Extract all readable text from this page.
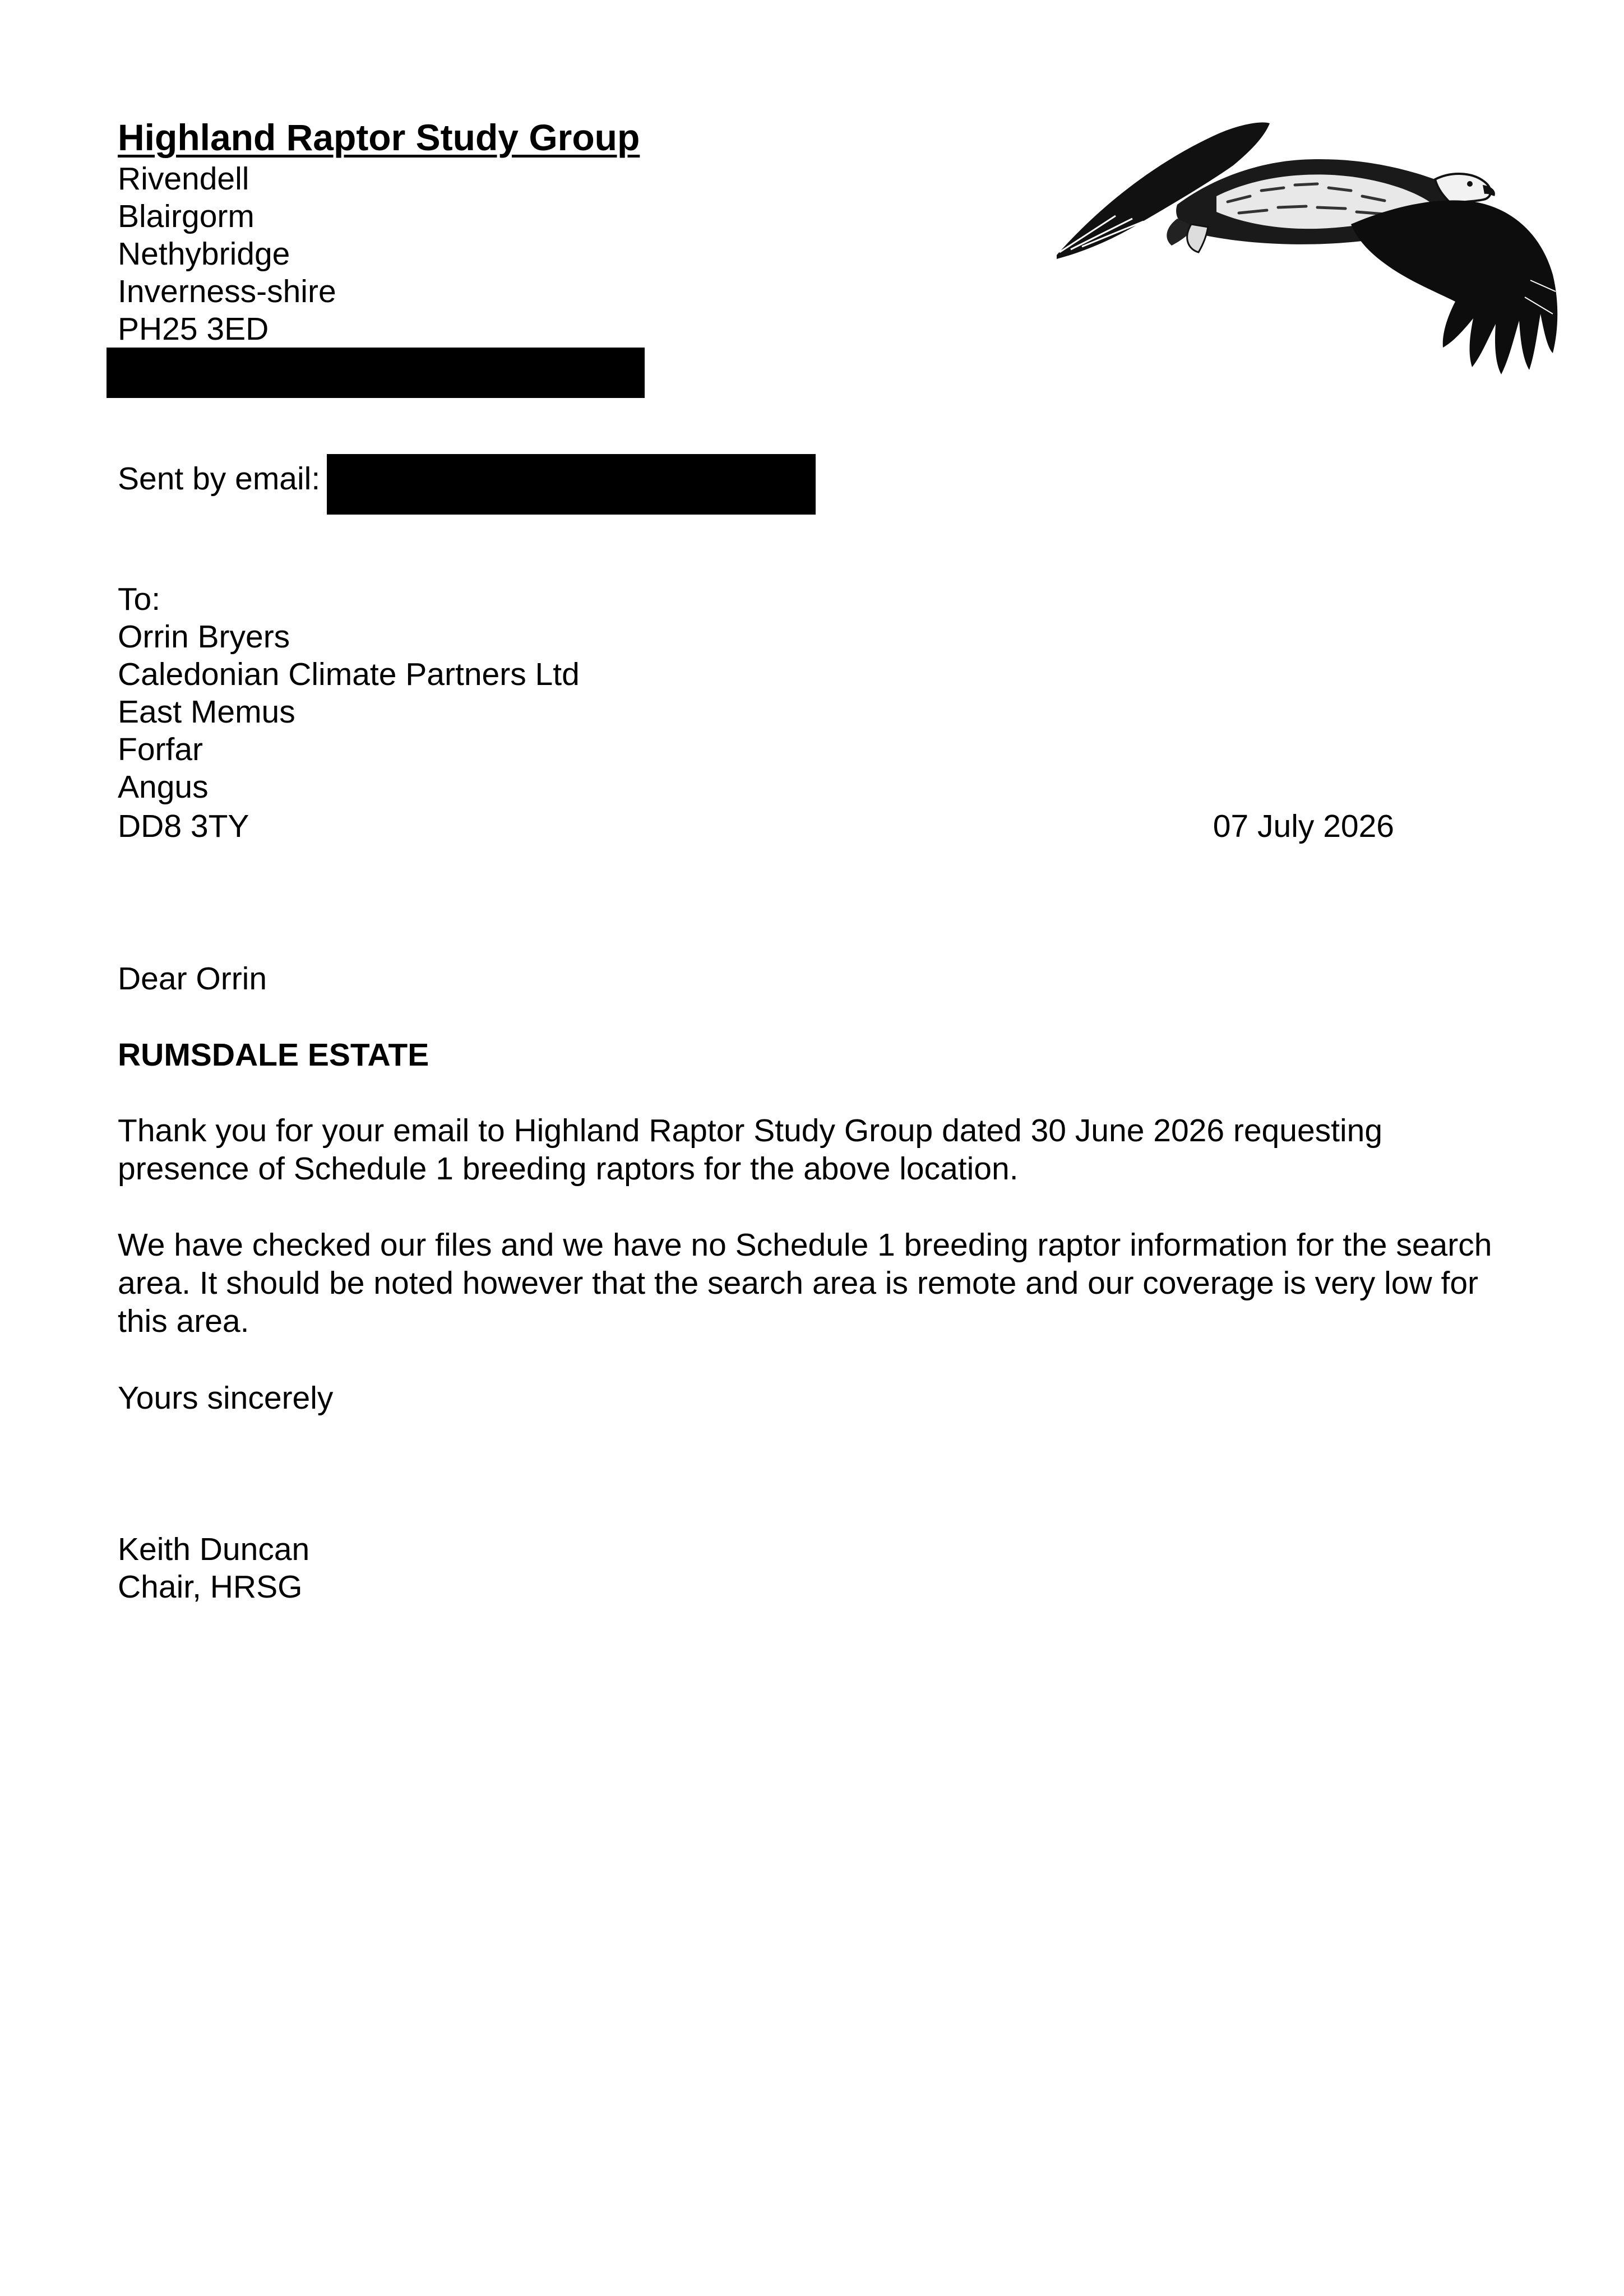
Highland Raptor Study Group

Rivendell

Blairgorm

Nethybridge

Inverness-shire

PH25 3ED

Sent by email:

To:

Orrin Bryers

Caledonian Climate Partners Ltd

East Memus

Forfar

Angus

DD8 3TY	07 July 2026

Dear Orrin

RUMSDALE ESTATE

Thank you for your email to Highland Raptor Study Group dated 30 June 2026 requesting presence of Schedule 1 breeding raptors for the above location.

We have checked our files and we have no Schedule 1 breeding raptor information for the search area. It should be noted however that the search area is remote and our coverage is very low for this area.

Yours sincerely

Keith Duncan

Chair, HRSG
